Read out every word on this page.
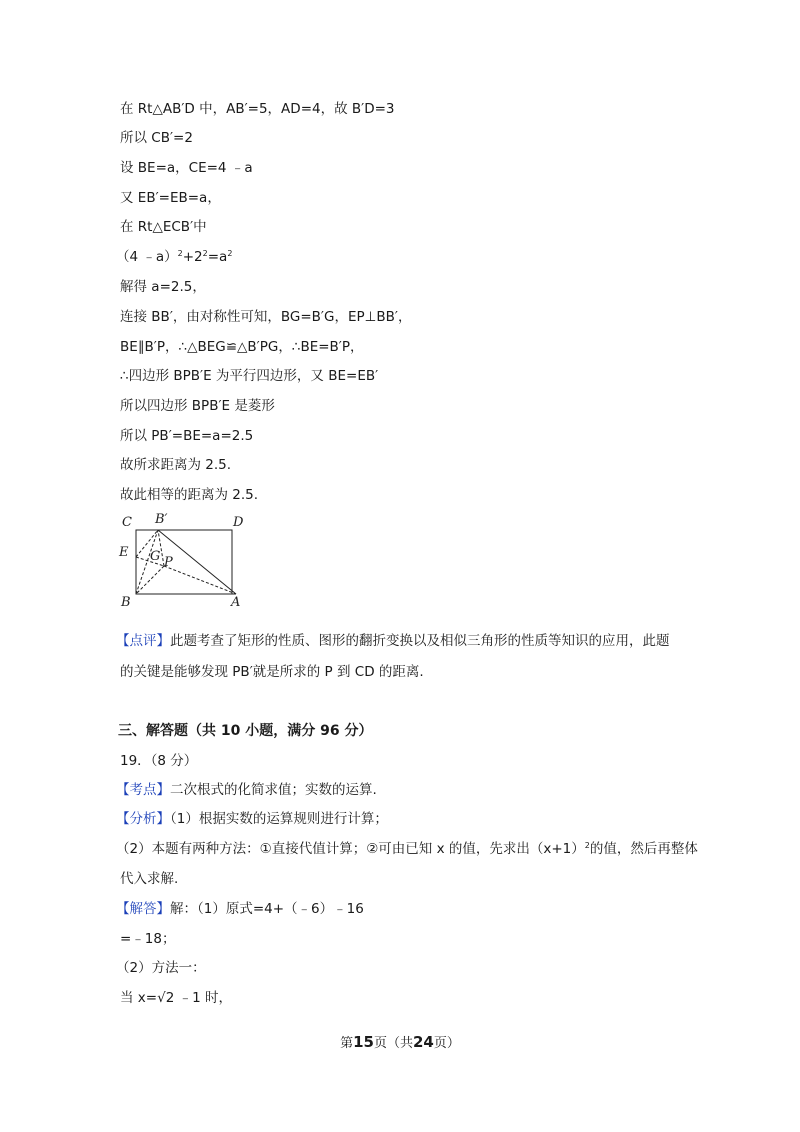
在 Rt△AB′D 中，AB′=5，AD=4，故 B′D=3
所以 CB′=2
设 BE=a，CE=4 ﹣a
又 EB′=EB=a，
在 Rt△ECB′中
（4 $﹣a)^2+2^2=a^2$
解得 a=2.5，
连接 BB′，由对称性可知，BG=B′G，EP⊥BB′，
BE∥B′P，∴△BEG≌△B′PG，∴BE=B′P，
∴四边形 BPB′E 为平行四边形，又 BE=EB′
所以四边形 BPB′E 是菱形
所以 PB′=BE=a=2.5
故所求距离为 2.5.
故此相等的距离为 2.5.
C B′	D
E G P
B	A
【点评】此题考查了矩形的性质、图形的翻折变换以及相似三角形的性质等知识的应用，此题
的关键是能够发现 PB′就是所求的 P 到 CD 的距离.
三、解答题（共 10 小题，满分 96 分）
19．（8 分）
【考点】二次根式的化简求值；实数的运算.
【分析】（1）根据实数的运算规则进行计算；
（2）本题有两种方法：①直接代值计算；②可由已知 x 的值，先求出$(x+1)^2$的值，然后再整体
代入求解.
【解答】解：（1）原式=4+（﹣6）﹣16
=﹣18；
（2）方法一：
当 x=√2 ﹣1 时，
第15页（共24页）
